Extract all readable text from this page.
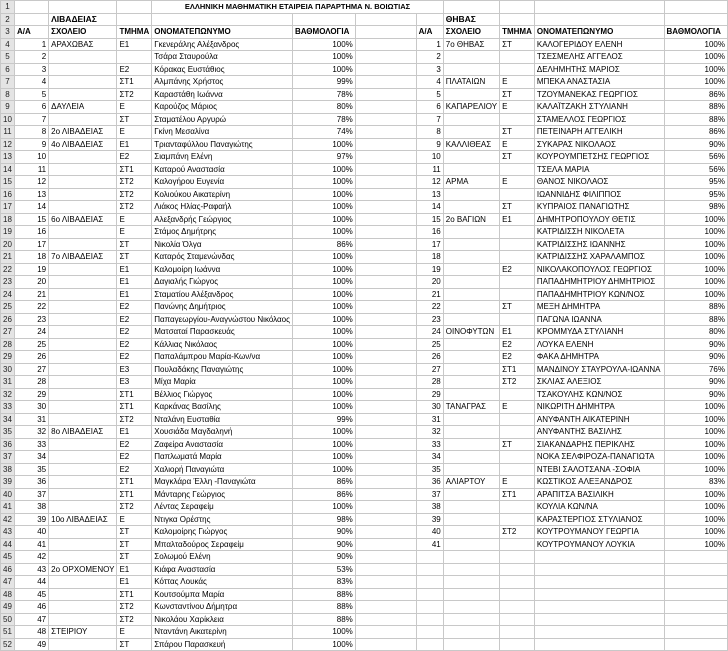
1				ΕΛΛΗΝΙΚΗ ΜΑΘΗΜΑΤΙΚΗ ΕΤΑΙΡΕΙΑ ΠΑΡΑΡΤΗΜΑ Ν. ΒΟΙΩΤΙΑΣ							
2		ΛΙΒΑΔΕΙΑΣ						ΘΗΒΑΣ			
3	Α/Α	ΣΧΟΛΕΙΟ	ΤΜΗΜΑ	ΟΝΟΜΑΤΕΠΩΝΥΜΟ	ΒΑΘΜΟΛΟΓΙΑ		Α/Α	ΣΧΟΛΕΙΟ	ΤΜΗΜΑ	ΟΝΟΜΑΤΕΠΩΝΥΜΟ	ΒΑΘΜΟΛΟΓΙΑ
4	1	ΑΡΑΧΩΒΑΣ	Ε1	Γκενεράλης Αλέξανδρος	100%		1	7ο ΘΗΒΑΣ	ΣΤ	ΚΑΛΟΓΕΡΙΔΟΥ ΕΛΕΝΗ	100%
5	2			Τσάρα Σταυρούλα	100%		2			ΤΣΕΣΜΕΛΗΣ ΑΓΓΕΛΟΣ	100%
6	3		Ε2	Κόρακας Ευστάθιος	100%		3			ΔΕΛΗΜΗΤΗΣ ΜΑΡΙΟΣ	100%
7	4		ΣΤ1	Αλμπάνης Χρήστος	99%		4	ΠΛΑΤΑΙΩΝ	Ε	ΜΠΕΚΑ ΑΝΑΣΤΑΣΙΑ	100%
8	5		ΣΤ2	Καραστάθη Ιωάννα	78%		5		ΣΤ	ΤΖΟΥΜΑΝΕΚΑΣ ΓΕΩΡΓΙΟΣ	86%
9	6	ΔΑΥΛΕΙΑ	Ε	Καρούζος Μάριος	80%		6	ΚΑΠΑΡΕΛΙΟΥ	Ε	ΚΑΛΑΪΤΖΑΚΗ ΣΤΥΛΙΑΝΗ	88%
10	7		ΣΤ	Σταματέλου Αργυρώ	78%		7			ΣΤΑΜΕΛΛΟΣ ΓΕΩΡΓΙΟΣ	88%
11	8	2ο ΛΙΒΑΔΕΙΑΣ	Ε	Γκίνη Μεσαλίνα	74%		8		ΣΤ	ΠΕΤΕΙΝΑΡΗ ΑΓΓΕΛΙΚΗ	86%
12	9	4ο ΛΙΒΑΔΕΙΑΣ	Ε1	Τριανταφύλλου Παναγιώτης	100%		9	ΚΑΛΛΙΘΕΑΣ	Ε	ΣΥΚΑΡΑΣ ΝΙΚΟΛΑΟΣ	90%
13	10		Ε2	Σιαμπάνη Ελένη	97%		10		ΣΤ	ΚΟΥΡΟΥΜΠΕΤΣΗΣ ΓΕΩΡΓΙΟΣ	56%
14	11		ΣΤ1	Καταρού Αναστασία	100%		11			ΤΣΕΛΑ ΜΑΡΙΑ	56%
15	12		ΣΤ2	Καλογήρου Ευγενία	100%		12	ΑΡΜΑ	Ε	ΘΑΝΟΣ ΝΙΚΟΛΑΟΣ	95%
16	13		ΣΤ2	Κολιούκου Αικατερίνη	100%		13			ΙΩΑΝΝΙΔΗΣ ΦΙΛΙΠΠΟΣ	95%
17	14		ΣΤ2	Λιάκος Ηλίας-Ραφαήλ	100%		14		ΣΤ	ΚΥΠΡΑΙΟΣ ΠΑΝΑΓΙΩΤΗΣ	98%
18	15	6ο ΛΙΒΑΔΕΙΑΣ	Ε	Αλεξανδρής Γεώργιος	100%		15	2ο ΒΑΓΙΩΝ	Ε1	ΔΗΜΗΤΡΟΠΟΥΛΟΥ ΘΕΤΙΣ	100%
19	16		Ε	Στάμος Δημήτρης	100%		16			ΚΑΤΡΙΔΙΣΣΗ ΝΙΚΟΛΕΤΑ	100%
20	17		ΣΤ	Νικολία Όλγα	86%		17			ΚΑΤΡΙΔΙΣΣΗΣ ΙΩΑΝΝΗΣ	100%
21	18	7ο ΛΙΒΑΔΕΙΑΣ	ΣΤ	Καταρός Σταμενώνδας	100%		18			ΚΑΤΡΙΔΙΣΣΗΣ ΧΑΡΑΛΑΜΠΟΣ	100%
22	19		Ε1	Καλομοίρη Ιωάννα	100%		19		Ε2	ΝΙΚΟΛΑΚΟΠΟΥΛΟΣ ΓΕΩΡΓΙΟΣ	100%
23	20		Ε1	Δαγιαλής Γιώργος	100%		20			ΠΑΠΑΔΗΜΗΤΡΙΟΥ ΔΗΜΗΤΡΙΟΣ	100%
24	21		Ε1	Σταματίου Αλέξανδρος	100%		21			ΠΑΠΑΔΗΜΗΤΡΙΟΥ ΚΩΝ/ΝΟΣ	100%
25	22		Ε2	Πανώνης Δημήτριος	100%		22		ΣΤ	ΜΕΞΗ ΔΗΜΗΤΡΑ	88%
26	23		Ε2	Παπαγεωργίου-Αναγνώστου Νικόλαος	100%		23			ΠΑΓΩΝΑ ΙΩΑΝΝΑ	88%
27	24		Ε2	Ματσαταί Παρασκευάς	100%		24	ΟΙΝΟΦΥΤΩΝ	Ε1	ΚΡΟΜΜΥΔΑ ΣΤΥΛΙΑΝΗ	80%
28	25		Ε2	Κάλλιας Νικόλαος	100%		25		Ε2	ΛΟΥΚΑ ΕΛΕΝΗ	90%
29	26		Ε2	Παπαλάμπρου Μαρία-Κων/να	100%		26		Ε2	ΦΑΚΑ ΔΗΜΗΤΡΑ	90%
30	27		Ε3	Πουλαδάκης Παναγιώτης	100%		27		ΣΤ1	ΜΑΝΔΙΝΟΥ ΣΤΑΥΡΟΥΛΑ-ΙΩΑΝΝΑ	76%
31	28		Ε3	Μίχα Μαρία	100%		28		ΣΤ2	ΣΚΛΙΑΣ ΑΛΕΞΙΟΣ	90%
32	29		ΣΤ1	Βέλλιος Γιώργος	100%		29			ΤΣΑΚΟΥΛΗΣ ΚΩΝ/ΝΟΣ	90%
33	30		ΣΤ1	Καρκάνας Βασίλης	100%		30	ΤΑΝΑΓΡΑΣ	Ε	ΝΙΚΩΡΙΤΗ ΔΗΜΗΤΡΑ	100%
34	31		ΣΤ2	Νταλάνη Ευσταθία	99%		31			ΑΝΥΦΑΝΤΗ ΑΙΚΑΤΕΡΙΝΗ	100%
35	32	8ο ΛΙΒΑΔΕΙΑΣ	Ε1	Χουσιάδα Μαγδαληνή	100%		32			ΑΝΥΦΑΝΤΗΣ ΒΑΣΙΛΗΣ	100%
36	33		Ε2	Ζαφείρα Αναστασία	100%		33		ΣΤ	ΣΙΑΚΑΝΔΑΡΗΣ ΠΕΡΙΚΛΗΣ	100%
37	34		Ε2	Παπλωματά Μαρία	100%		34			ΝΟΚΑ ΣΕΛΦΙΡΟΖΑ-ΠΑΝΑΓΙΩΤΑ	100%
38	35		Ε2	Χαλιορή Παναγιώτα	100%		35			ΝΤΕΒΙ ΣΑΛΟΤΣΑΝΑ -ΣΟΦΙΑ	100%
39	36		ΣΤ1	Μαγκλάρα Έλλη -Παναγιώτα	86%		36	ΑΛΙΑΡΤΟΥ	Ε	ΚΩΣΤΙΚΟΣ ΑΛΕΞΑΝΔΡΟΣ	83%
40	37		ΣΤ1	Μάνταρης Γεώργιος	86%		37		ΣΤ1	ΑΡΑΠΙΤΣΑ ΒΑΣΙΛΙΚΗ	100%
41	38		ΣΤ2	Λέντας Σεραφείμ	100%		38			ΚΟΥΛΙΑ ΚΩΝ/ΝΑ	100%
42	39	10ο ΛΙΒΑΔΕΙΑΣ	Ε	Ντιγκα Ορέστης	98%		39			ΚΑΡΑΣΤΕΡΓΙΟΣ ΣΤΥΛΙΑΝΟΣ	100%
43	40		ΣΤ	Καλομοίρης Γιώργος	90%		40		ΣΤ2	ΚΟΥΤΡΟΥΜΑΝΟΥ ΓΕΩΡΓΙΑ	100%
44	41		ΣΤ	Μπαλταδούρος Σεραφείμ	90%		41			ΚΟΥΤΡΟΥΜΑΝΟΥ ΛΟΥΚΙΑ	100%
45	42		ΣΤ	Σολωμού Ελένη	90%						
46	43	2ο ΟΡΧΟΜΕΝΟΥ	Ε1	Κιάφα Αναστασία	53%						
47	44		Ε1	Κόττας Λουκάς	83%						
48	45		ΣΤ1	Κουτσούμπα Μαρία	88%						
49	46		ΣΤ2	Κωνσταντίνου Δήμητρα	88%						
50	47		ΣΤ2	Νικολάου Χαρίκλεια	88%						
51	48	ΣΤΕΙΡΙΟΥ	Ε	Νταντάνη Αικατερίνη	100%						
52	49		ΣΤ	Σπάρου Παρασκευή	100%						
